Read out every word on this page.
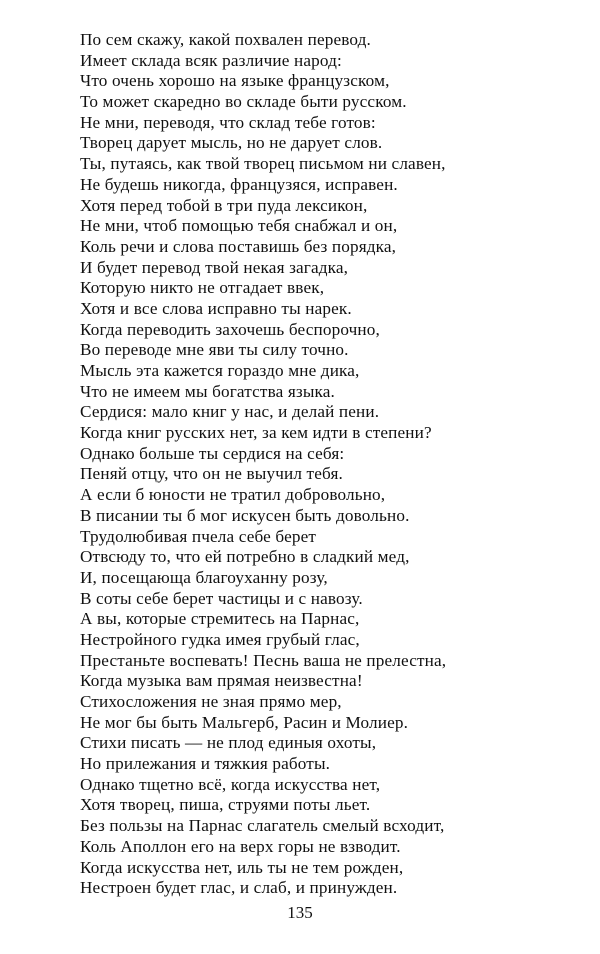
По сем скажу, какой похвален перевод.
Имеет склада всяк различие народ:
Что очень хорошо на языке французском,
То может скаредно во складе быти русском.
Не мни, переводя, что склад тебе готов:
Творец дарует мысль, но не дарует слов.
Ты, путаясь, как твой творец письмом ни славен,
Не будешь никогда, французяся, исправен.
Хотя перед тобой в три пуда лексикон,
Не мни, чтоб помощью тебя снабжал и он,
Коль речи и слова поставишь без порядка,
И будет перевод твой некая загадка,
Которую никто не отгадает ввек,
Хотя и все слова исправно ты нарек.
Когда переводить захочешь беспорочно,
Во переводе мне яви ты силу точно.
Мысль эта кажется гораздо мне дика,
Что не имеем мы богатства языка.
Сердися: мало книг у нас, и делай пени.
Когда книг русских нет, за кем идти в степени?
Однако больше ты сердися на себя:
Пеняй отцу, что он не выучил тебя.
А если б юности не тратил добровольно,
В писании ты б мог искусен быть довольно.
Трудолюбивая пчела себе берет
Отвсюду то, что ей потребно в сладкий мед,
И, посещающа благоуханну розу,
В соты себе берет частицы и с навозу.
А вы, которые стремитесь на Парнас,
Нестройного гудка имея грубый глас,
Престаньте воспевать! Песнь ваша не прелестна,
Когда музыка вам прямая неизвестна!
Стихосложения не зная прямо мер,
Не мог бы быть Мальгерб, Расин и Молиер.
Стихи писать — не плод единыя охоты,
Но прилежания и тяжкия работы.
Однако тщетно всё, когда искусства нет,
Хотя творец, пиша, струями поты льет.
Без пользы на Парнас слагатель смелый всходит,
Коль Аполлон его на верх горы не взводит.
Когда искусства нет, иль ты не тем рожден,
Нестроен будет глас, и слаб, и принужден.
135
